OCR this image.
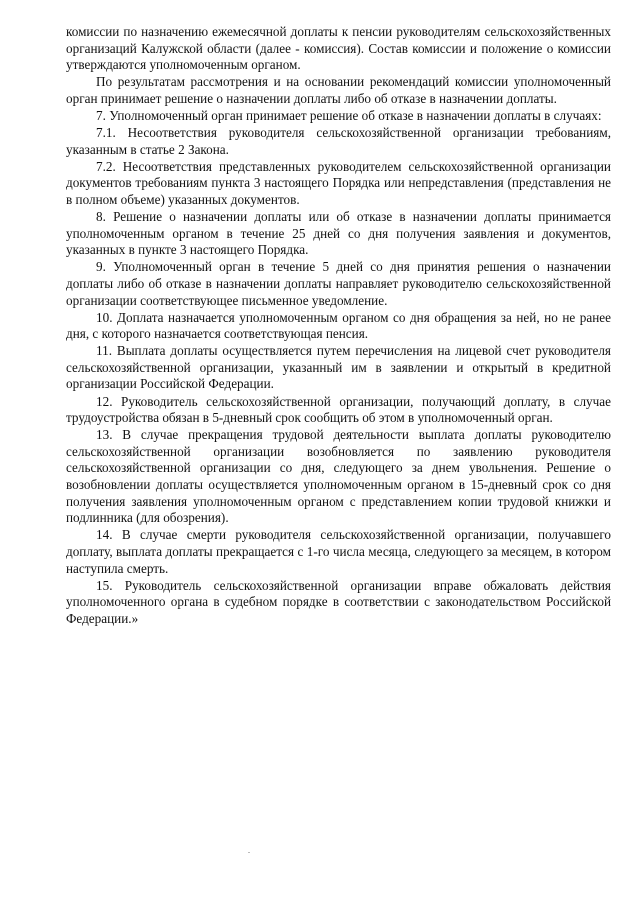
комиссии по назначению ежемесячной доплаты к пенсии руководителям сельскохозяйственных организаций Калужской области (далее - комиссия). Состав комиссии и положение о комиссии утверждаются уполномоченным органом.

По результатам рассмотрения и на основании рекомендаций комиссии уполномоченный орган принимает решение о назначении доплаты либо об отказе в назначении доплаты.

7. Уполномоченный орган принимает решение об отказе в назначении доплаты в случаях:

7.1. Несоответствия руководителя сельскохозяйственной организации требованиям, указанным в статье 2 Закона.

7.2. Несоответствия представленных руководителем сельскохозяйственной организации документов требованиям пункта 3 настоящего Порядка или непредставления (представления не в полном объеме) указанных документов.

8. Решение о назначении доплаты или об отказе в назначении доплаты принимается уполномоченным органом в течение 25 дней со дня получения заявления и документов, указанных в пункте 3 настоящего Порядка.

9. Уполномоченный орган в течение 5 дней со дня принятия решения о назначении доплаты либо об отказе в назначении доплаты направляет руководителю сельскохозяйственной организации соответствующее письменное уведомление.

10. Доплата назначается уполномоченным органом со дня обращения за ней, но не ранее дня, с которого назначается соответствующая пенсия.

11. Выплата доплаты осуществляется путем перечисления на лицевой счет руководителя сельскохозяйственной организации, указанный им в заявлении и открытый в кредитной организации Российской Федерации.

12. Руководитель сельскохозяйственной организации, получающий доплату, в случае трудоустройства обязан в 5-дневный срок сообщить об этом в уполномоченный орган.

13. В случае прекращения трудовой деятельности выплата доплаты руководителю сельскохозяйственной организации возобновляется по заявлению руководителя сельскохозяйственной организации со дня, следующего за днем увольнения. Решение о возобновлении доплаты осуществляется уполномоченным органом в 15-дневный срок со дня получения заявления уполномоченным органом с представлением копии трудовой книжки и подлинника (для обозрения).

14. В случае смерти руководителя сельскохозяйственной организации, получавшего доплату, выплата доплаты прекращается с 1-го числа месяца, следующего за месяцем, в котором наступила смерть.

15. Руководитель сельскохозяйственной организации вправе обжаловать действия уполномоченного органа в судебном порядке в соответствии с законодательством Российской Федерации.»
